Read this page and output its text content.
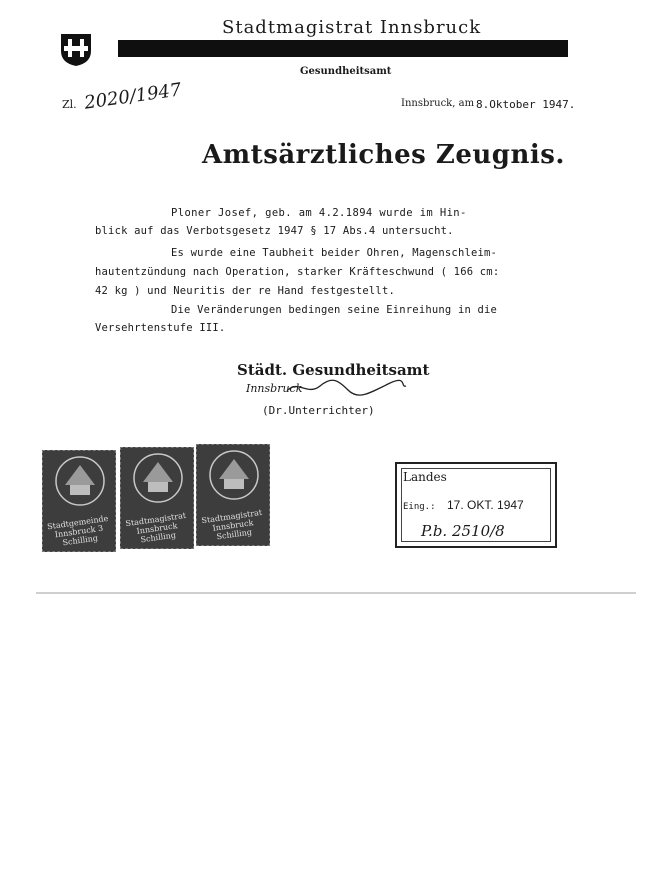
Stadtmagistrat Innsbruck
Gesundheitsamt
Zl. 2020/1947	Innsbruck, am 8.Oktober 1947.
Amtsärztliches Zeugnis.
Ploner Josef, geb. am 4.2.1894 wurde im Hin-
blick auf das Verbotsgesetz 1947 § 17 Abs.4 untersucht.
Es wurde eine Taubheit beider Ohren, Magenschleim-
hautentzündung nach Operation, starker Kräfteschwund ( 166 cm:
42 kg ) und Neuritis der re Hand festgestellt.
Die Veränderungen bedingen seine Einreihung in die
Versehrtenstufe III.
Städt. Gesundheitsamt
Innsbruck
(Dr.Unterrichter)
Stadtgemeinde Innsbruck 3 Schilling
Stadtmagistrat Innsbruck Schilling
Stadtmagistrat Innsbruck Schilling
Landes
Eing.: 17. OKT. 1947
P.b. 2510/8
